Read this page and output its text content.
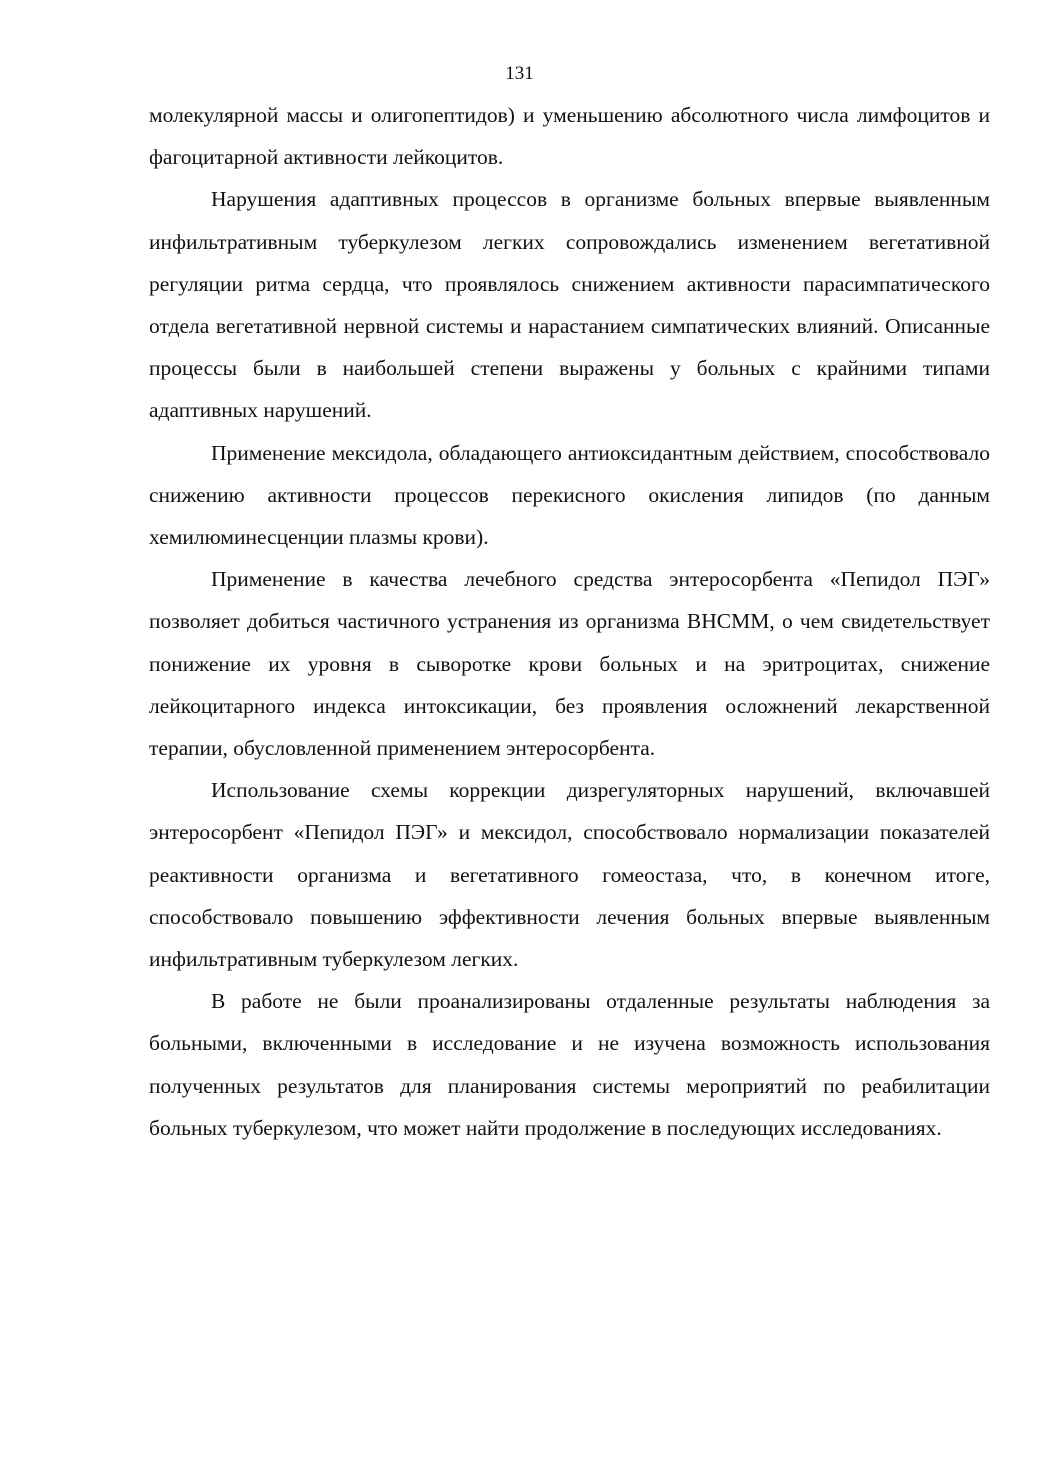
131

молекулярной массы и олигопептидов) и уменьшению абсолютного числа лимфоцитов и фагоцитарной активности лейкоцитов.

Нарушения адаптивных процессов в организме больных впервые выявленным инфильтративным туберкулезом легких сопровождались изменением вегетативной регуляции ритма сердца, что проявлялось снижением активности парасимпатического отдела вегетативной нервной системы и нарастанием симпатических влияний. Описанные процессы были в наибольшей степени выражены у больных с крайними типами адаптивных нарушений.

Применение мексидола, обладающего антиоксидантным действием, способствовало снижению активности процессов перекисного окисления липидов (по данным хемилюминесценции плазмы крови).

Применение в качества лечебного средства энтеросорбента «Пепидол ПЭГ» позволяет добиться частичного устранения из организма ВНСММ, о чем свидетельствует понижение их уровня в сыворотке крови больных и на эритроцитах, снижение лейкоцитарного индекса интоксикации, без проявления осложнений лекарственной терапии, обусловленной применением энтеросорбента.

Использование схемы коррекции дизрегуляторных нарушений, включавшей энтеросорбент «Пепидол ПЭГ» и мексидол, способствовало нормализации показателей реактивности организма и вегетативного гомеостаза, что, в конечном итоге, способствовало повышению эффективности лечения больных впервые выявленным инфильтративным туберкулезом легких.

В работе не были проанализированы отдаленные результаты наблюдения за больными, включенными в исследование и не изучена возможность использования полученных результатов для планирования системы мероприятий по реабилитации больных туберкулезом, что может найти продолжение в последующих исследованиях.
